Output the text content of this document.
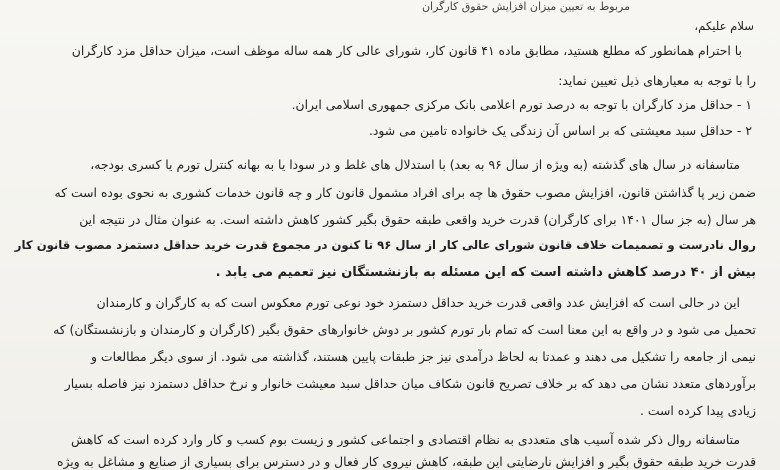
مربوط به تعیین میزان افزایش حقوق کارگران
سلام علیکم،
با احترام همانطور که مطلع هستید، مطابق ماده ۴۱ قانون کار، شورای عالی کار همه ساله موظف است، میزان حداقل مزد کارگران
را با توجه به معیارهای ذیل تعیین نماید:
۱ - حداقل مزد کارگران با توجه به درصد تورم اعلامی بانک مرکزی جمهوری اسلامی ایران.
۲ - حداقل سبد معیشتی که بر اساس آن زندگی یک خانواده تامین می شود.
متاسفانه در سال های گذشته (به ویژه از سال ۹۶ به بعد) با استدلال های غلط و در سودا یا به بهانه کنترل تورم یا کسری بودجه،
ضمن زیر پا گذاشتن قانون، افزایش مصوب حقوق ها چه برای افراد مشمول قانون کار و چه قانون خدمات کشوری به نحوی بوده است که
هر سال (به جز سال ۱۴۰۱ برای کارگران) قدرت خرید واقعی طبقه حقوق بگیر کشور کاهش داشته است. به عنوان مثال در نتیجه این
روال نادرست و تصمیمات خلاف قانون شورای عالی کار از سال ۹۶ تا کنون در مجموع قدرت خرید حداقل دستمزد مصوب قانون کار
بیش از ۴۰ درصد کاهش داشته است که این مسئله به بازنشستگان نیز تعمیم می یابد .
این در حالی است که افزایش عدد واقعی قدرت خرید حداقل دستمزد خود نوعی تورم معکوس است که به کارگران و کارمندان
تحمیل می شود و در واقع به این معنا است که تمام بار تورم کشور بر دوش خانوارهای حقوق بگیر (کارگران و کارمندان و بازنشستگان) که
نیمی از جامعه را تشکیل می دهند و عمدتا به لحاظ درآمدی نیز جز طبقات پایین هستند، گذاشته می شود. از سوی دیگر مطالعات و
برآوردهای متعدد نشان می دهد که بر خلاف تصریح قانون شکاف میان حداقل سبد معیشت خانوار و نرخ حداقل دستمزد نیز فاصله بسیار
زیادی پیدا کرده است .
متاسفانه روال ذکر شده آسیب های متعددی به نظام اقتصادی و اجتماعی کشور و زیست بوم کسب و کار وارد کرده است که کاهش
قدرت خرید طبقه حقوق بگیر و افزایش نارضایتی این طبقه، کاهش نیروی کار فعال و در دسترس برای بسیاری از صنایع و مشاغل به ویژه
